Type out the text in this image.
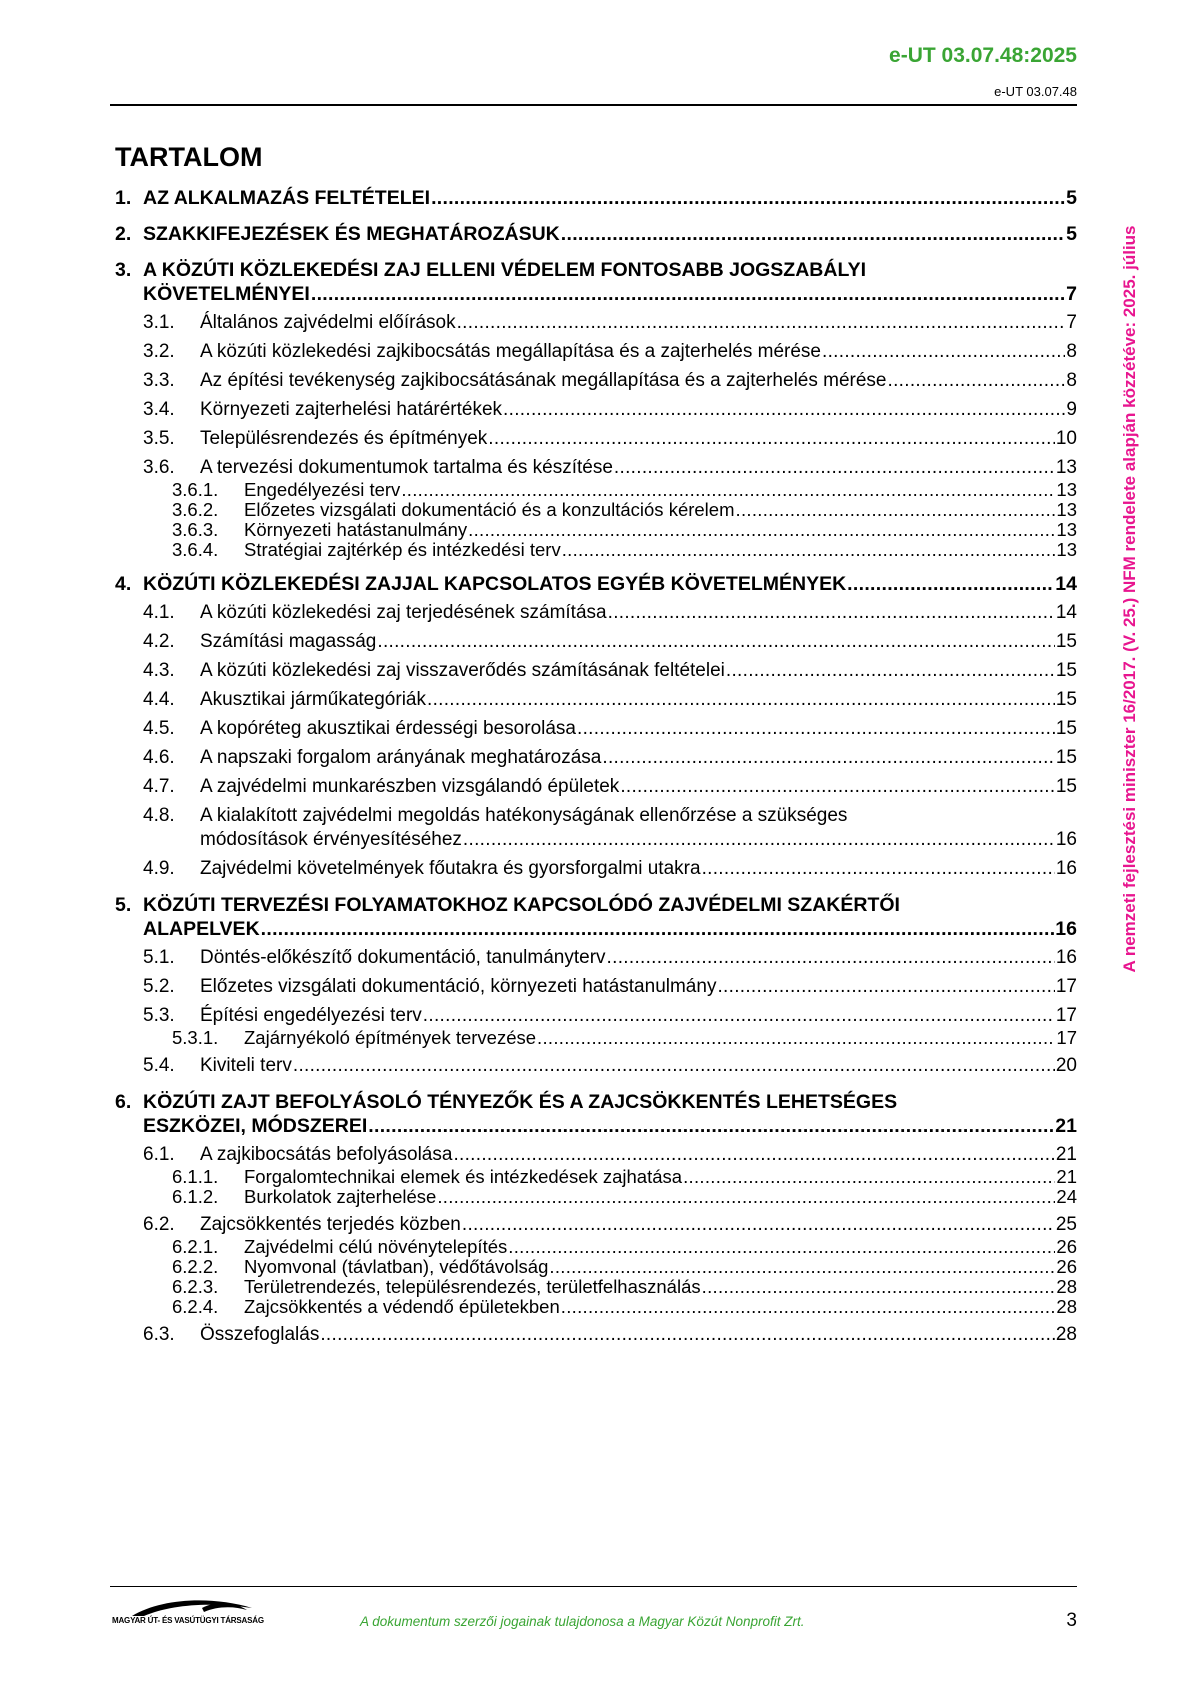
e-UT 03.07.48:2025
e-UT 03.07.48
A nemzeti fejlesztési miniszter 16/2017. (V. 25.) NFM rendelete alapján közzétéve: 2025. július
TARTALOM
1. AZ ALKALMAZÁS FELTÉTELEI .....	5
2. SZAKKIFEJEZÉSEK ÉS MEGHATÁROZÁSUK .....	5
3. A KÖZÚTI KÖZLEKEDÉSI ZAJ ELLENI VÉDELEM FONTOSABB JOGSZABÁLYI
KÖVETELMÉNYEI .....	7
3.1.	Általános zajvédelmi előírások .....	7
3.2.	A közúti közlekedési zajkibocsátás megállapítása és a zajterhelés mérése .....	8
3.3.	Az építési tevékenység zajkibocsátásának megállapítása és a zajterhelés mérése .....	8
3.4.	Környezeti zajterhelési határértékek .....	9
3.5.	Településrendezés és építmények .....	10
3.6.	A tervezési dokumentumok tartalma és készítése .....	13
3.6.1.	Engedélyezési terv .....	13
3.6.2.	Előzetes vizsgálati dokumentáció és a konzultációs kérelem .....	13
3.6.3.	Környezeti hatástanulmány .....	13
3.6.4.	Stratégiai zajtérkép és intézkedési terv .....	13
4. KÖZÚTI KÖZLEKEDÉSI ZAJJAL KAPCSOLATOS EGYÉB KÖVETELMÉNYEK .....	14
4.1.	A közúti közlekedési zaj terjedésének számítása .....	14
4.2.	Számítási magasság .....	15
4.3.	A közúti közlekedési zaj visszaverődés számításának feltételei .....	15
4.4.	Akusztikai járműkategóriák .....	15
4.5.	A kopóréteg akusztikai érdességi besorolása .....	15
4.6.	A napszaki forgalom arányának meghatározása .....	15
4.7.	A zajvédelmi munkarészben vizsgálandó épületek .....	15
4.8.	A kialakított zajvédelmi megoldás hatékonyságának ellenőrzése a szükséges
módosítások érvényesítéséhez .....	16
4.9.	Zajvédelmi követelmények főutakra és gyorsforgalmi utakra .....	16
5. KÖZÚTI TERVEZÉSI FOLYAMATOKHOZ KAPCSOLÓDÓ ZAJVÉDELMI SZAKÉRTŐI
ALAPELVEK .....	16
5.1.	Döntés-előkészítő dokumentáció, tanulmányterv .....	16
5.2.	Előzetes vizsgálati dokumentáció, környezeti hatástanulmány .....	17
5.3.	Építési engedélyezési terv .....	17
5.3.1.	Zajárnyékoló építmények tervezése .....	17
5.4.	Kiviteli terv .....	20
6. KÖZÚTI ZAJT BEFOLYÁSOLÓ TÉNYEZŐK ÉS A ZAJCSÖKKENTÉS LEHETSÉGES
ESZKÖZEI, MÓDSZEREI .....	21
6.1.	A zajkibocsátás befolyásolása .....	21
6.1.1.	Forgalomtechnikai elemek és intézkedések zajhatása .....	21
6.1.2.	Burkolatok zajterhelése .....	24
6.2.	Zajcsökkentés terjedés közben .....	25
6.2.1.	Zajvédelmi célú növénytelepítés .....	26
6.2.2.	Nyomvonal (távlatban), védőtávolság .....	26
6.2.3.	Területrendezés, településrendezés, területfelhasználás .....	28
6.2.4.	Zajcsökkentés a védendő épületekben .....	28
6.3.	Összefoglalás .....	28
MAGYAR ÚT- ÉS VASÚTÜGYI TÁRSASÁG	A dokumentum szerzői jogainak tulajdonosa a Magyar Közút Nonprofit Zrt.	3
